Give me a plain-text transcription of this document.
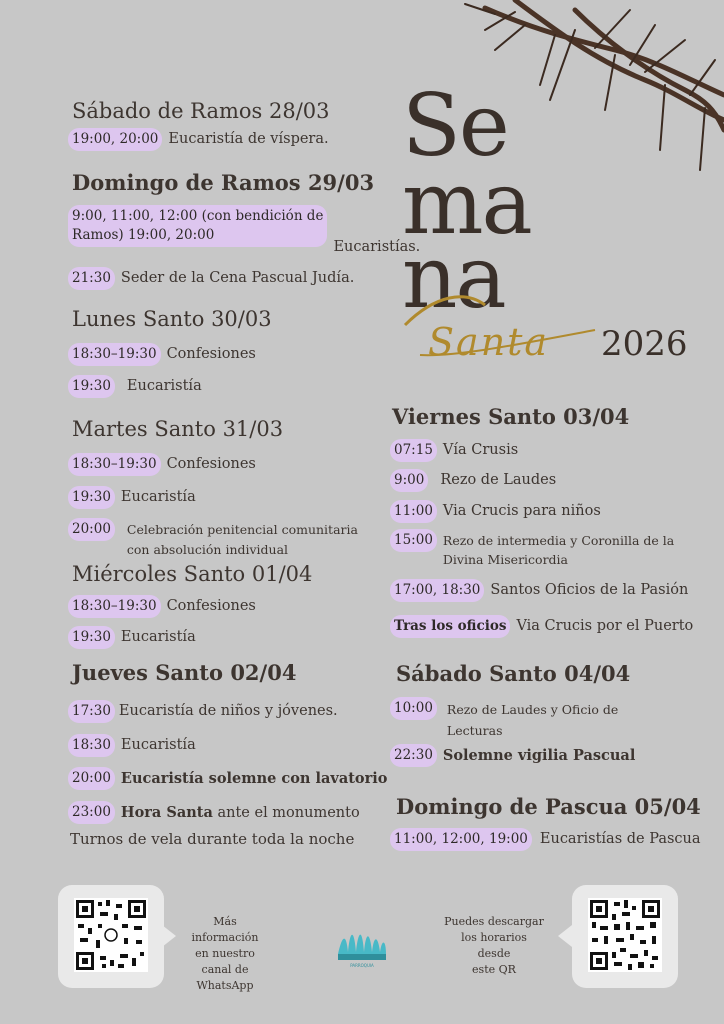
Se
ma
na
Santa 2026
Sábado de Ramos 28/03
19:00, 20:00 Eucaristía de víspera.
Domingo de Ramos 29/03
9:00, 11:00, 12:00 (con bendición de
Ramos) 19:00, 20:00
Eucaristías.
21:30 Seder de la Cena Pascual Judía.
Lunes Santo 30/03
18:30–19:30 Confesiones
19:30 Eucaristía
Martes Santo 31/03
18:30–19:30 Confesiones
19:30 Eucaristía
20:00	Celebración penitencial comunitaria
con absolución individual
Miércoles Santo 01/04
18:30–19:30 Confesiones
19:30 Eucaristía
Jueves Santo 02/04
17:30 Eucaristía de niños y jóvenes.
18:30 Eucaristía
20:00 Eucaristía solemne con lavatorio
23:00 Hora Santa ante el monumento
Turnos de vela durante toda la noche
Viernes Santo 03/04
07:15 Vía Crusis
9:00 Rezo de Laudes
11:00 Via Crucis para niños
15:00 Rezo de intermedia y Coronilla de la
Divina Misericordia
17:00, 18:30 Santos Oficios de la Pasión
Tras los oficios Via Crucis por el Puerto
Sábado Santo 04/04
10:00	Rezo de Laudes y Oficio de
Lecturas
22:30 Solemne vigilia Pascual
Domingo de Pascua 05/04
11:00, 12:00, 19:00 Eucaristías de Pascua
Más información
en nuestro canal de
WhatsApp
PARROQUIA
Puedes descargar
los horarios desde
este QR
